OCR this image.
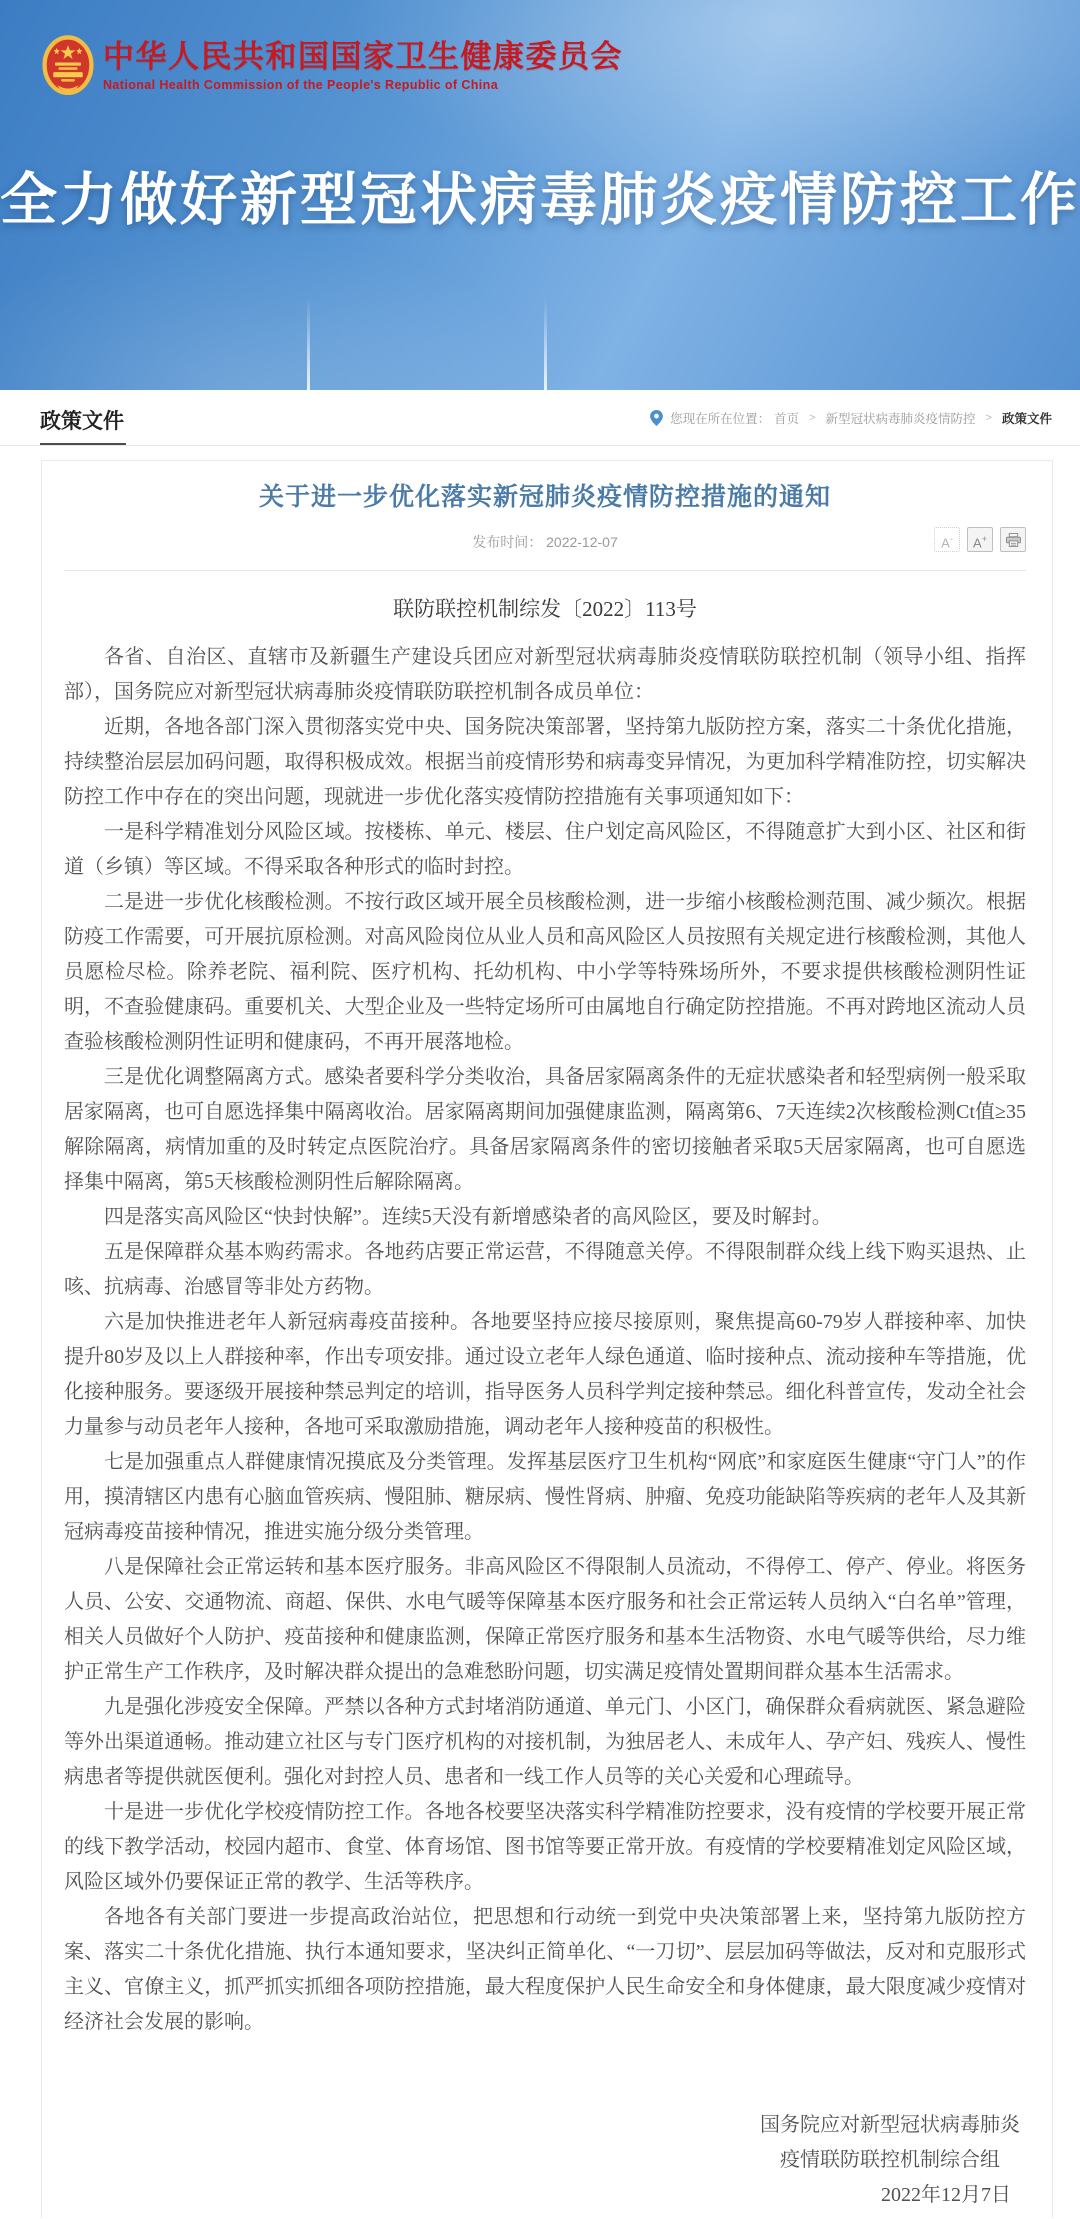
中华人民共和国国家卫生健康委员会
National Health Commission of the People's Republic of China
全力做好新型冠状病毒肺炎疫情防控工作
政策文件	您现在所在位置： 首页 > 新型冠状病毒肺炎疫情防控 > 政策文件
关于进一步优化落实新冠肺炎疫情防控措施的通知
发布时间： 2022-12-07	A-	A+
联防联控机制综发〔2022〕113号

各省、自治区、直辖市及新疆生产建设兵团应对新型冠状病毒肺炎疫情联防联控机制（领导小组、指挥部），国务院应对新型冠状病毒肺炎疫情联防联控机制各成员单位：

近期，各地各部门深入贯彻落实党中央、国务院决策部署，坚持第九版防控方案，落实二十条优化措施，持续整治层层加码问题，取得积极成效。根据当前疫情形势和病毒变异情况，为更加科学精准防控，切实解决防控工作中存在的突出问题，现就进一步优化落实疫情防控措施有关事项通知如下：

一是科学精准划分风险区域。按楼栋、单元、楼层、住户划定高风险区，不得随意扩大到小区、社区和街道（乡镇）等区域。不得采取各种形式的临时封控。

二是进一步优化核酸检测。不按行政区域开展全员核酸检测，进一步缩小核酸检测范围、减少频次。根据防疫工作需要，可开展抗原检测。对高风险岗位从业人员和高风险区人员按照有关规定进行核酸检测，其他人员愿检尽检。除养老院、福利院、医疗机构、托幼机构、中小学等特殊场所外，不要求提供核酸检测阴性证明，不查验健康码。重要机关、大型企业及一些特定场所可由属地自行确定防控措施。不再对跨地区流动人员查验核酸检测阴性证明和健康码，不再开展落地检。

三是优化调整隔离方式。感染者要科学分类收治，具备居家隔离条件的无症状感染者和轻型病例一般采取居家隔离，也可自愿选择集中隔离收治。居家隔离期间加强健康监测，隔离第6、7天连续2次核酸检测Ct值≥35解除隔离，病情加重的及时转定点医院治疗。具备居家隔离条件的密切接触者采取5天居家隔离，也可自愿选择集中隔离，第5天核酸检测阴性后解除隔离。

四是落实高风险区“快封快解”。连续5天没有新增感染者的高风险区，要及时解封。

五是保障群众基本购药需求。各地药店要正常运营，不得随意关停。不得限制群众线上线下购买退热、止咳、抗病毒、治感冒等非处方药物。

六是加快推进老年人新冠病毒疫苗接种。各地要坚持应接尽接原则，聚焦提高60-79岁人群接种率、加快提升80岁及以上人群接种率，作出专项安排。通过设立老年人绿色通道、临时接种点、流动接种车等措施，优化接种服务。要逐级开展接种禁忌判定的培训，指导医务人员科学判定接种禁忌。细化科普宣传，发动全社会力量参与动员老年人接种，各地可采取激励措施，调动老年人接种疫苗的积极性。

七是加强重点人群健康情况摸底及分类管理。发挥基层医疗卫生机构“网底”和家庭医生健康“守门人”的作用，摸清辖区内患有心脑血管疾病、慢阻肺、糖尿病、慢性肾病、肿瘤、免疫功能缺陷等疾病的老年人及其新冠病毒疫苗接种情况，推进实施分级分类管理。

八是保障社会正常运转和基本医疗服务。非高风险区不得限制人员流动，不得停工、停产、停业。将医务人员、公安、交通物流、商超、保供、水电气暖等保障基本医疗服务和社会正常运转人员纳入“白名单”管理，相关人员做好个人防护、疫苗接种和健康监测，保障正常医疗服务和基本生活物资、水电气暖等供给，尽力维护正常生产工作秩序，及时解决群众提出的急难愁盼问题，切实满足疫情处置期间群众基本生活需求。

九是强化涉疫安全保障。严禁以各种方式封堵消防通道、单元门、小区门，确保群众看病就医、紧急避险等外出渠道通畅。推动建立社区与专门医疗机构的对接机制，为独居老人、未成年人、孕产妇、残疾人、慢性病患者等提供就医便利。强化对封控人员、患者和一线工作人员等的关心关爱和心理疏导。

十是进一步优化学校疫情防控工作。各地各校要坚决落实科学精准防控要求，没有疫情的学校要开展正常的线下教学活动，校园内超市、食堂、体育场馆、图书馆等要正常开放。有疫情的学校要精准划定风险区域，风险区域外仍要保证正常的教学、生活等秩序。

各地各有关部门要进一步提高政治站位，把思想和行动统一到党中央决策部署上来，坚持第九版防控方案、落实二十条优化措施、执行本通知要求，坚决纠正简单化、“一刀切”、层层加码等做法，反对和克服形式主义、官僚主义，抓严抓实抓细各项防控措施，最大程度保护人民生命安全和身体健康，最大限度减少疫情对经济社会发展的影响。

国务院应对新型冠状病毒肺炎
疫情联防联控机制综合组
2022年12月7日
